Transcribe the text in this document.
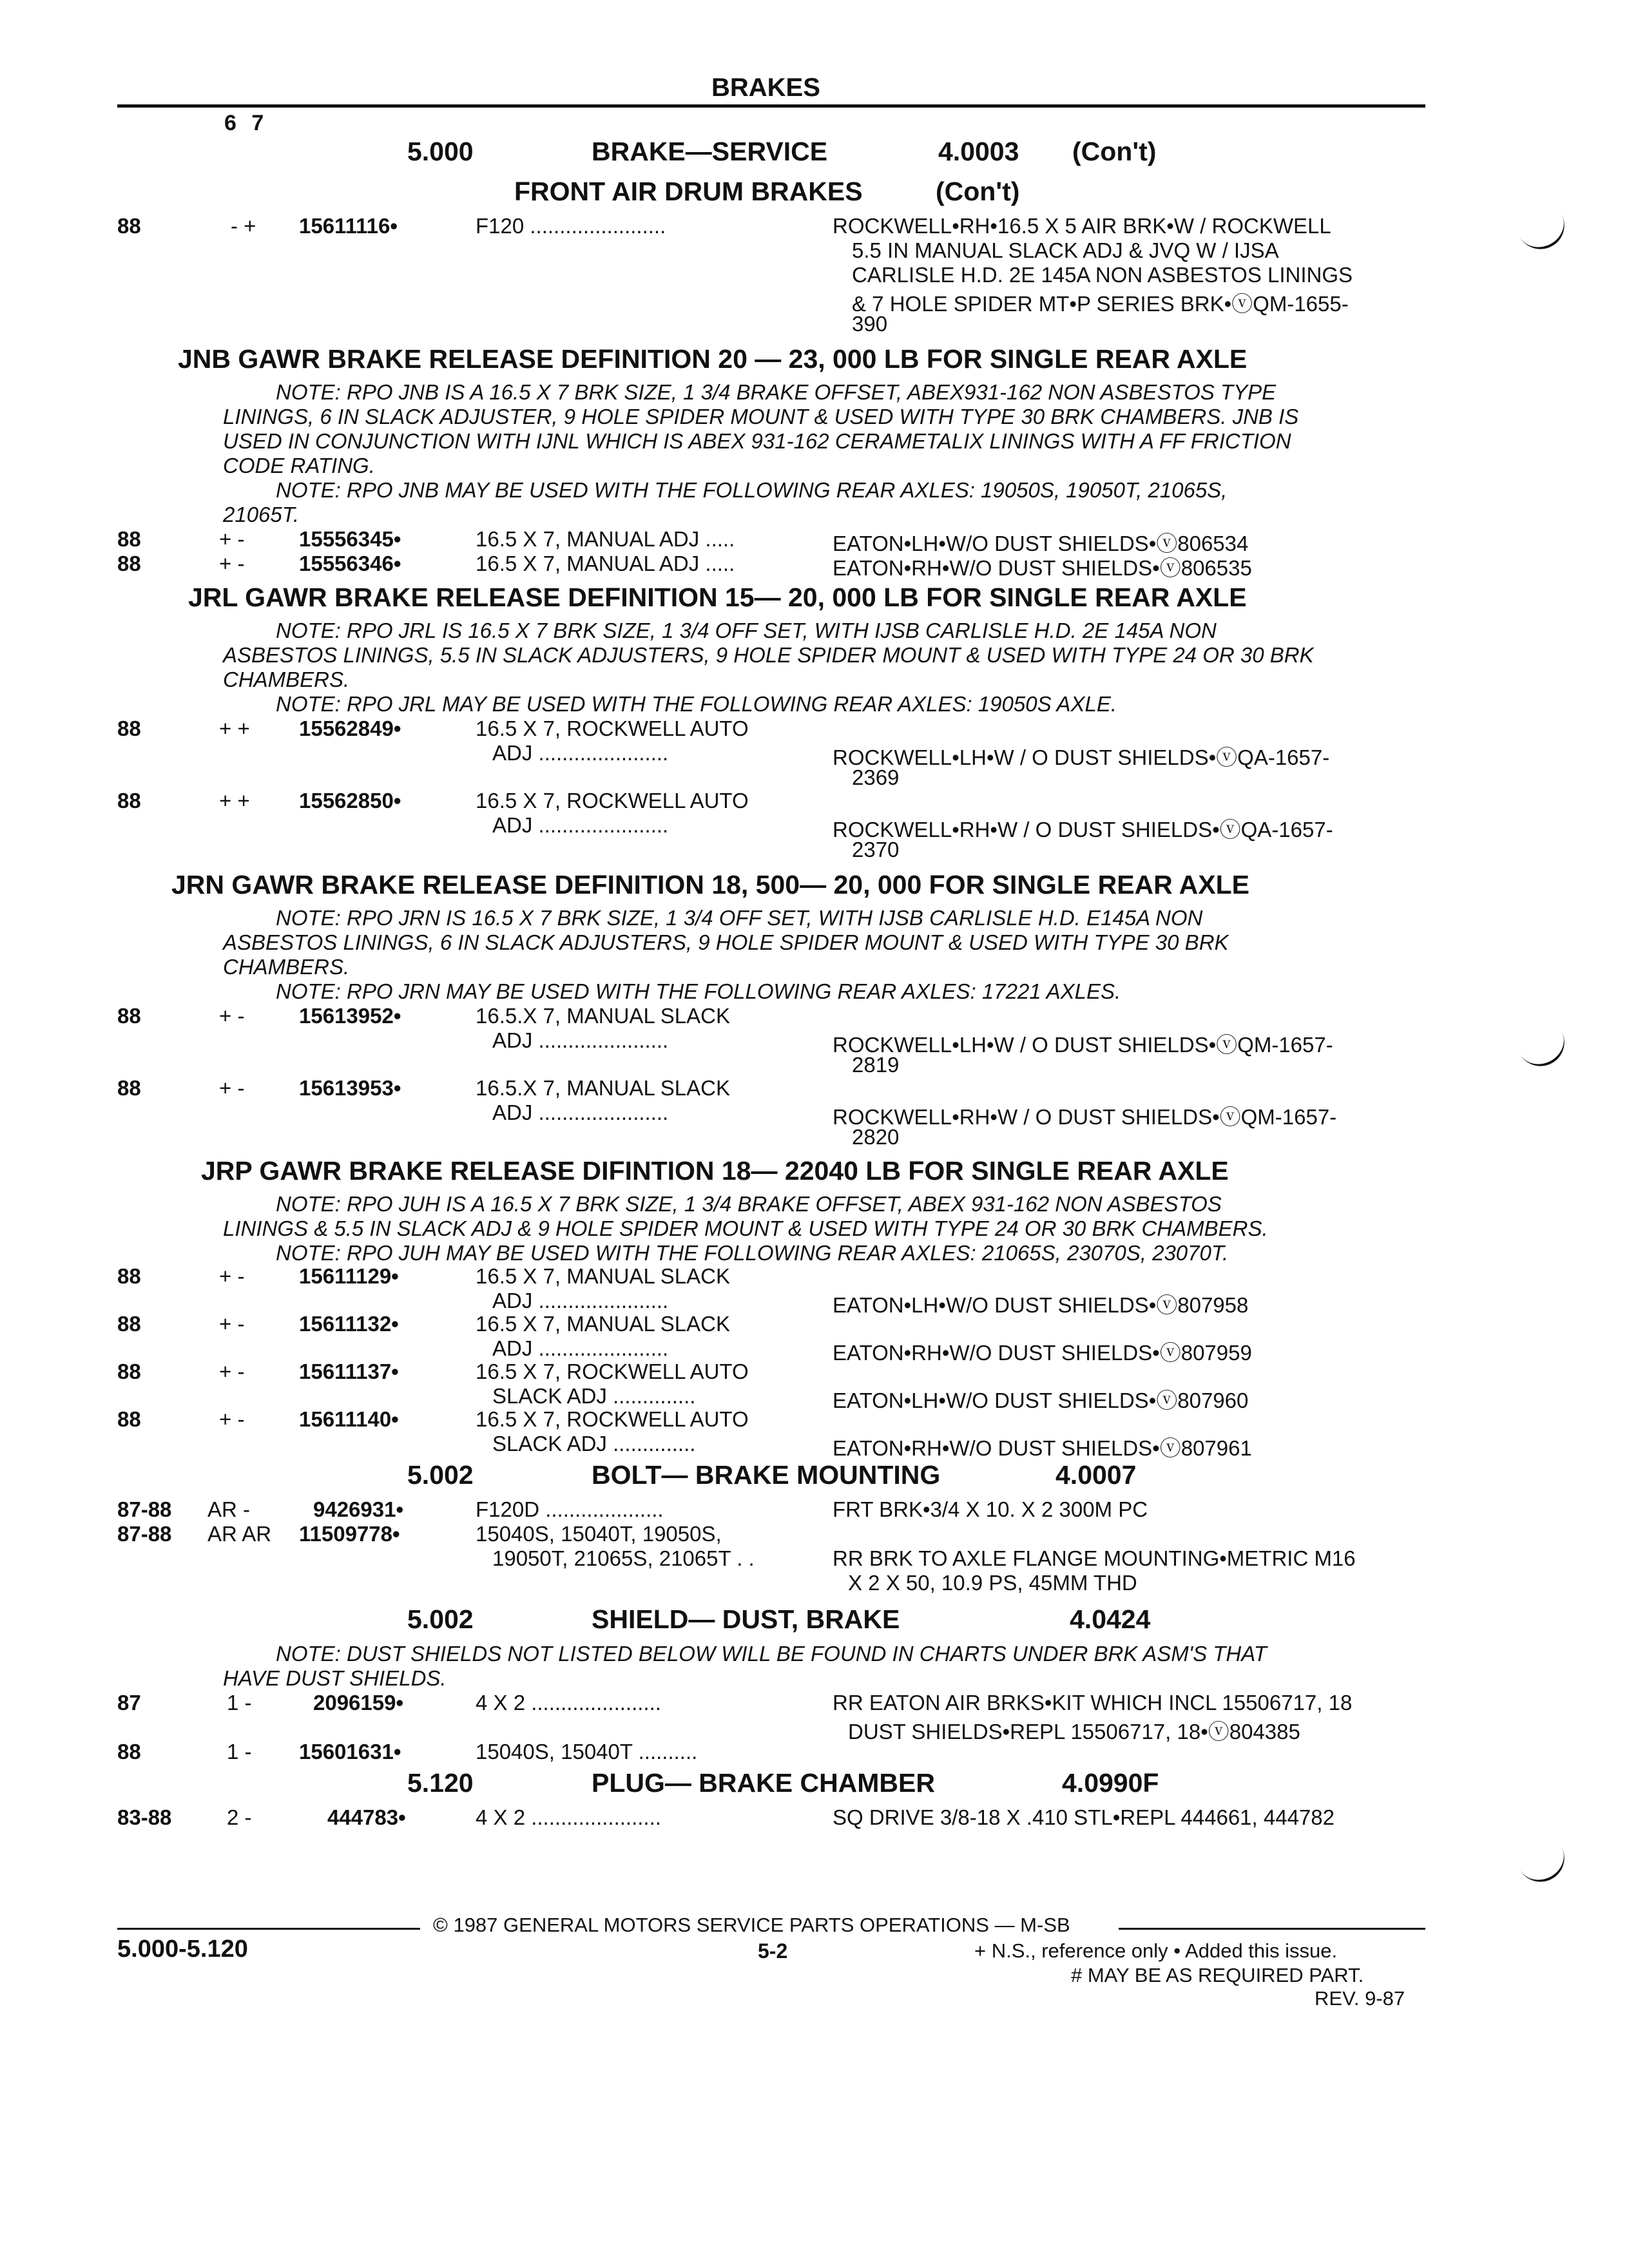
BRAKES
6 7
5.000	BRAKE—SERVICE	4.0003 (Con't)
FRONT AIR DRUM BRAKES	(Con't)
88	- + 15611116•	F120 .......................	ROCKWELL•RH•16.5 X 5 AIR BRK•W / ROCKWELL
5.5 IN MANUAL SLACK ADJ & JVQ W / IJSA
CARLISLE H.D. 2E 145A NON ASBESTOS LININGS
& 7 HOLE SPIDER MT•P SERIES BRK•ⓥQM-1655-
390
JNB GAWR BRAKE RELEASE DEFINITION 20 — 23, 000 LB FOR SINGLE REAR AXLE
NOTE: RPO JNB IS A 16.5 X 7 BRK SIZE, 1 3/4 BRAKE OFFSET, ABEX931-162 NON ASBESTOS TYPE
LININGS, 6 IN SLACK ADJUSTER, 9 HOLE SPIDER MOUNT & USED WITH TYPE 30 BRK CHAMBERS. JNB IS
USED IN CONJUNCTION WITH IJNL WHICH IS ABEX 931-162 CERAMETALIX LININGS WITH A FF FRICTION
CODE RATING.
NOTE: RPO JNB MAY BE USED WITH THE FOLLOWING REAR AXLES: 19050S, 19050T, 21065S,
21065T.
88	+ -	15556345•	16.5 X 7, MANUAL ADJ .....	EATON•LH•W/O DUST SHIELDS•ⓥ806534
88	+ -	15556346•	16.5 X 7, MANUAL ADJ .....	EATON•RH•W/O DUST SHIELDS•ⓥ806535
JRL GAWR BRAKE RELEASE DEFINITION 15— 20, 000 LB FOR SINGLE REAR AXLE
NOTE: RPO JRL IS 16.5 X 7 BRK SIZE, 1 3/4 OFF SET, WITH IJSB CARLISLE H.D. 2E 145A NON
ASBESTOS LININGS, 5.5 IN SLACK ADJUSTERS, 9 HOLE SPIDER MOUNT & USED WITH TYPE 24 OR 30 BRK
CHAMBERS.
NOTE: RPO JRL MAY BE USED WITH THE FOLLOWING REAR AXLES: 19050S AXLE.
88	+ + 15562849•	16.5 X 7, ROCKWELL AUTO
ADJ ......................	ROCKWELL•LH•W / O DUST SHIELDS•ⓥQA-1657-
2369
88	+ + 15562850•	16.5 X 7, ROCKWELL AUTO
ADJ ......................	ROCKWELL•RH•W / O DUST SHIELDS•ⓥQA-1657-
2370
JRN GAWR BRAKE RELEASE DEFINITION 18, 500— 20, 000 FOR SINGLE REAR AXLE
NOTE: RPO JRN IS 16.5 X 7 BRK SIZE, 1 3/4 OFF SET, WITH IJSB CARLISLE H.D. E145A NON
ASBESTOS LININGS, 6 IN SLACK ADJUSTERS, 9 HOLE SPIDER MOUNT & USED WITH TYPE 30 BRK
CHAMBERS.
NOTE: RPO JRN MAY BE USED WITH THE FOLLOWING REAR AXLES: 17221 AXLES.
88	+ -	15613952•	16.5.X 7, MANUAL SLACK
ADJ ......................	ROCKWELL•LH•W / O DUST SHIELDS•ⓥQM-1657-
2819
88	+ -	15613953•	16.5.X 7, MANUAL SLACK
ADJ ......................	ROCKWELL•RH•W / O DUST SHIELDS•ⓥQM-1657-
2820
JRP GAWR BRAKE RELEASE DIFINTION 18— 22040 LB FOR SINGLE REAR AXLE
NOTE: RPO JUH IS A 16.5 X 7 BRK SIZE, 1 3/4 BRAKE OFFSET, ABEX 931-162 NON ASBESTOS
LININGS & 5.5 IN SLACK ADJ & 9 HOLE SPIDER MOUNT & USED WITH TYPE 24 OR 30 BRK CHAMBERS.
NOTE: RPO JUH MAY BE USED WITH THE FOLLOWING REAR AXLES: 21065S, 23070S, 23070T.
88	+ -	15611129•	16.5 X 7, MANUAL SLACK
ADJ ......................	EATON•LH•W/O DUST SHIELDS•ⓥ807958
88	+ -	15611132•	16.5 X 7, MANUAL SLACK
ADJ ......................	EATON•RH•W/O DUST SHIELDS•ⓥ807959
88	+ -	15611137•	16.5 X 7, ROCKWELL AUTO
SLACK ADJ ..............	EATON•LH•W/O DUST SHIELDS•ⓥ807960
88	+ -	15611140•	16.5 X 7, ROCKWELL AUTO
SLACK ADJ ..............	EATON•RH•W/O DUST SHIELDS•ⓥ807961
5.002	BOLT— BRAKE MOUNTING	4.0007
87-88 AR -	9426931•	F120D ....................	FRT BRK•3/4 X 10. X 2 300M PC
87-88 AR AR 11509778•	15040S, 15040T, 19050S,
19050T, 21065S, 21065T . .	RR BRK TO AXLE FLANGE MOUNTING•METRIC M16
X 2 X 50, 10.9 PS, 45MM THD
5.002	SHIELD— DUST, BRAKE	4.0424
NOTE: DUST SHIELDS NOT LISTED BELOW WILL BE FOUND IN CHARTS UNDER BRK ASM'S THAT
HAVE DUST SHIELDS.
87	1 -	2096159•	4 X 2 ......................	RR EATON AIR BRKS•KIT WHICH INCL 15506717, 18
DUST SHIELDS•REPL 15506717, 18•ⓥ804385
88	1 - 15601631•	15040S, 15040T ..........
5.120	PLUG— BRAKE CHAMBER	4.0990F
83-88	2 -	444783•	4 X 2 ......................	SQ DRIVE 3/8-18 X .410 STL•REPL 444661, 444782
© 1987 GENERAL MOTORS SERVICE PARTS OPERATIONS — M-SB
5.000-5.120	5-2	+ N.S., reference only • Added this issue.
# MAY BE AS REQUIRED PART.
REV. 9-87
